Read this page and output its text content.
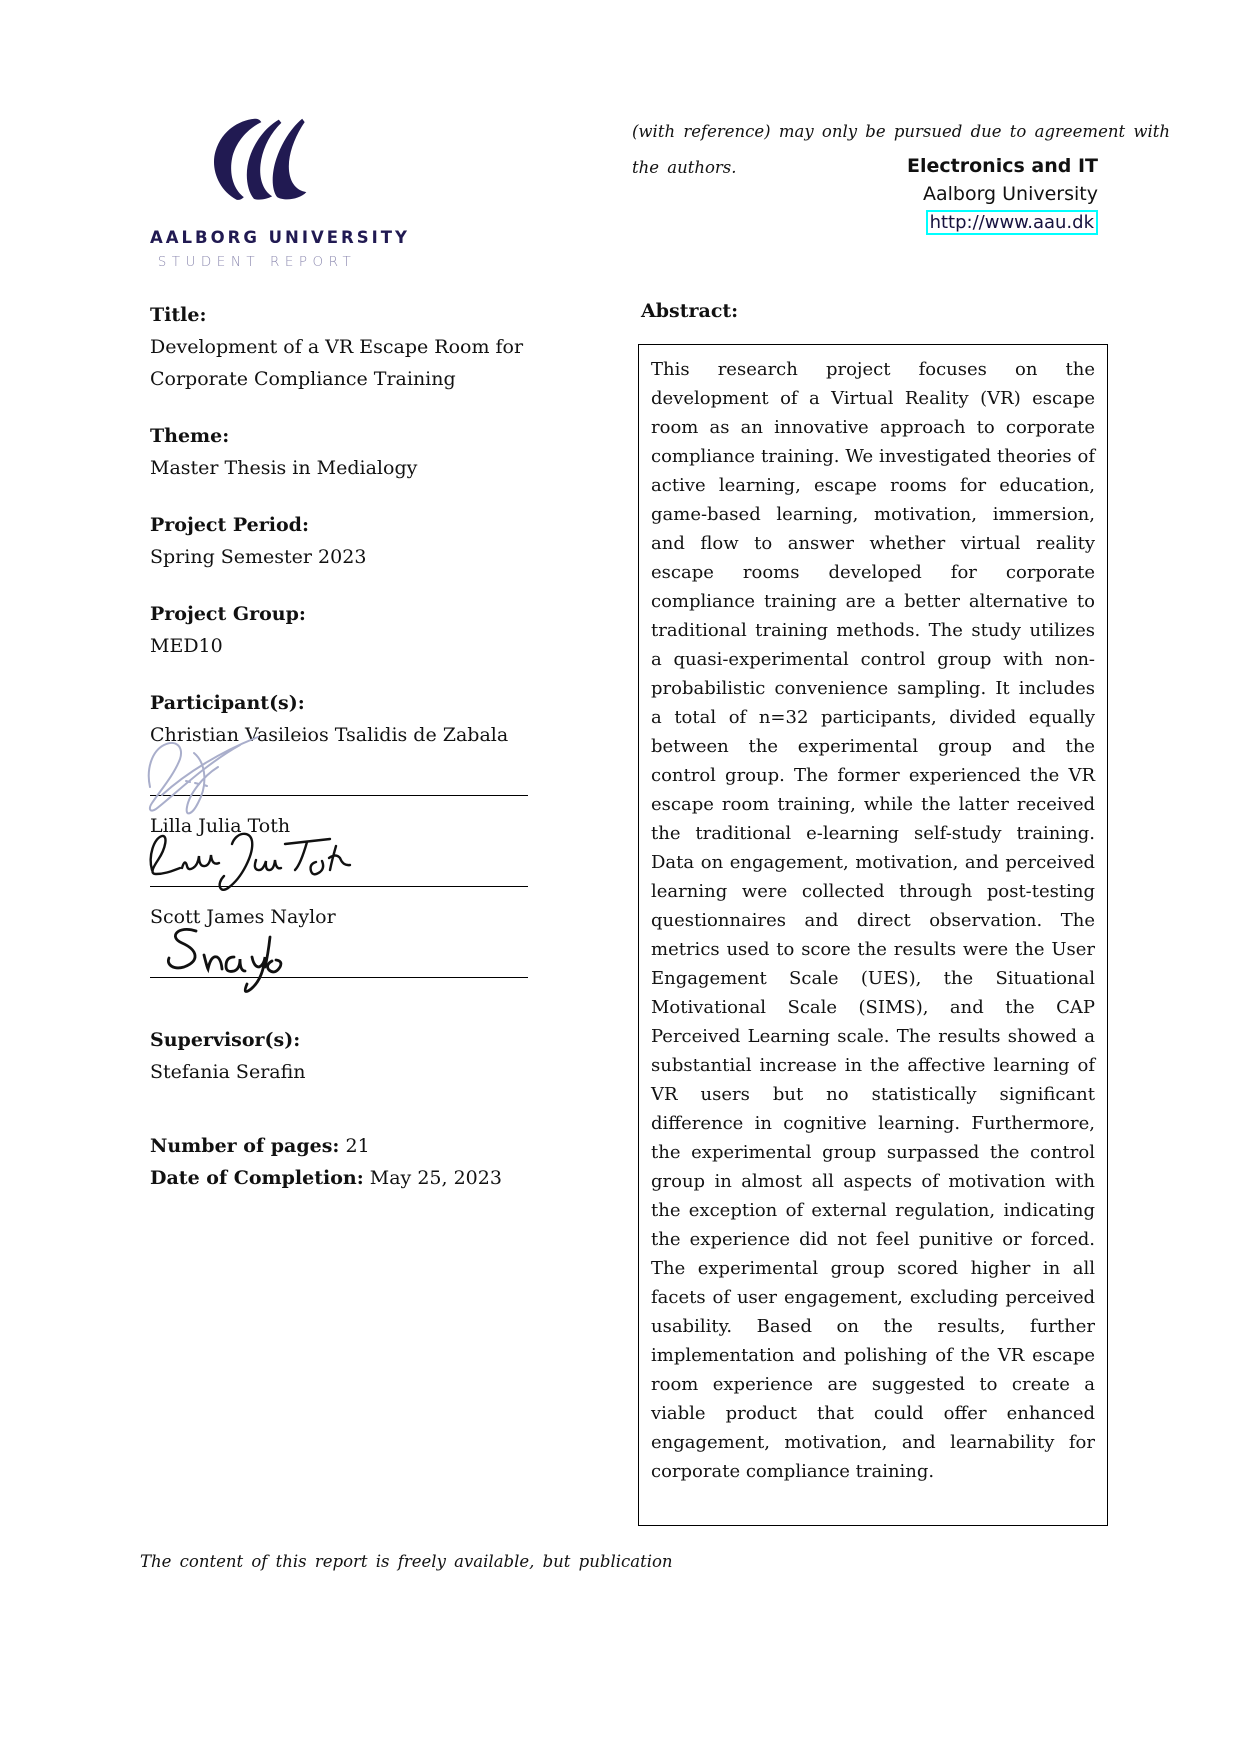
AALBORG UNIVERSITY
STUDENT REPORT
(with reference) may only be pursued due to agreement with
the authors.	Electronics and IT
Aalborg University
http://www.aau.dk
Title:
Development of a VR Escape Room for Corporate Compliance Training
Theme:
Master Thesis in Medialogy
Project Period:
Spring Semester 2023
Project Group:
MED10
Participant(s):
Christian Vasileios Tsalidis de Zabala
Lilla Julia Toth
Scott James Naylor
Supervisor(s):
Stefania Serafin
Number of pages: 21
Date of Completion: May 25, 2023
Abstract:
This research project focuses on the development of a Virtual Reality (VR) escape room as an innovative approach to corporate compliance training. We investigated theories of active learning, escape rooms for education, game-based learning, motivation, immersion, and flow to answer whether virtual reality escape rooms developed for corporate compliance training are a better alternative to traditional training methods. The study utilizes a quasi-experimental control group with non-probabilistic convenience sampling. It includes a total of n=32 participants, divided equally between the experimental group and the control group. The former experienced the VR escape room training, while the latter received the traditional e-learning self-study training. Data on engagement, motivation, and perceived learning were collected through post-testing questionnaires and direct observation. The metrics used to score the results were the User Engagement Scale (UES), the Situational Motivational Scale (SIMS), and the CAP Perceived Learning scale. The results showed a substantial increase in the affective learning of VR users but no statistically significant difference in cognitive learning. Furthermore, the experimental group surpassed the control group in almost all aspects of motivation with the exception of external regulation, indicating the experience did not feel punitive or forced. The experimental group scored higher in all facets of user engagement, excluding perceived usability. Based on the results, further implementation and polishing of the VR escape room experience are suggested to create a viable product that could offer enhanced engagement, motivation, and learnability for corporate compliance training.
The content of this report is freely available, but publication
